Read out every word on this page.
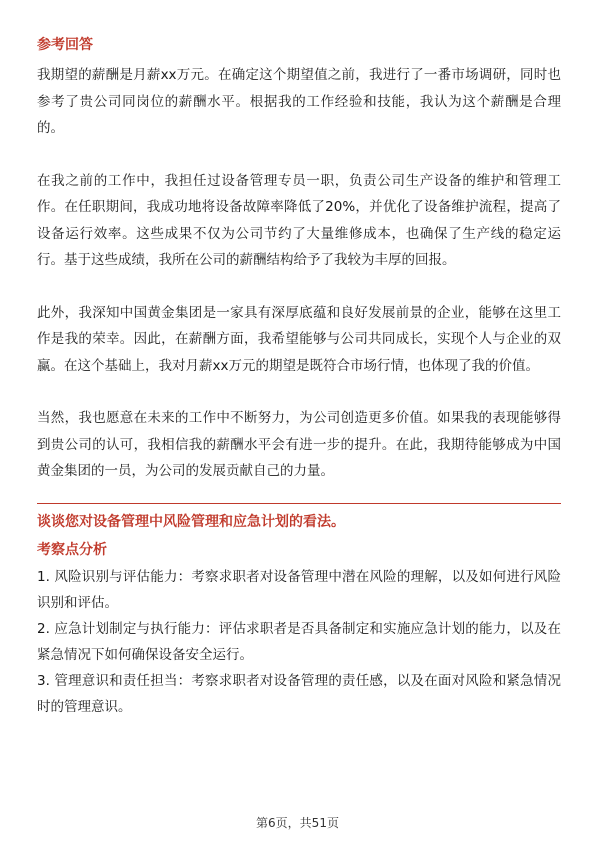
参考回答

我期望的薪酬是月薪xx万元。在确定这个期望值之前，我进行了一番市场调研，同时也参考了贵公司同岗位的薪酬水平。根据我的工作经验和技能，我认为这个薪酬是合理的。

在我之前的工作中，我担任过设备管理专员一职，负责公司生产设备的维护和管理工作。在任职期间，我成功地将设备故障率降低了20%，并优化了设备维护流程，提高了设备运行效率。这些成果不仅为公司节约了大量维修成本，也确保了生产线的稳定运行。基于这些成绩，我所在公司的薪酬结构给予了我较为丰厚的回报。

此外，我深知中国黄金集团是一家具有深厚底蕴和良好发展前景的企业，能够在这里工作是我的荣幸。因此，在薪酬方面，我希望能够与公司共同成长，实现个人与企业的双赢。在这个基础上，我对月薪xx万元的期望是既符合市场行情，也体现了我的价值。

当然，我也愿意在未来的工作中不断努力，为公司创造更多价值。如果我的表现能够得到贵公司的认可，我相信我的薪酬水平会有进一步的提升。在此，我期待能够成为中国黄金集团的一员，为公司的发展贡献自己的力量。

谈谈您对设备管理中风险管理和应急计划的看法。
考察点分析

1. 风险识别与评估能力：考察求职者对设备管理中潜在风险的理解，以及如何进行风险识别和评估。

2. 应急计划制定与执行能力：评估求职者是否具备制定和实施应急计划的能力，以及在紧急情况下如何确保设备安全运行。

3. 管理意识和责任担当：考察求职者对设备管理的责任感，以及在面对风险和紧急情况时的管理意识。

第6页，共51页
